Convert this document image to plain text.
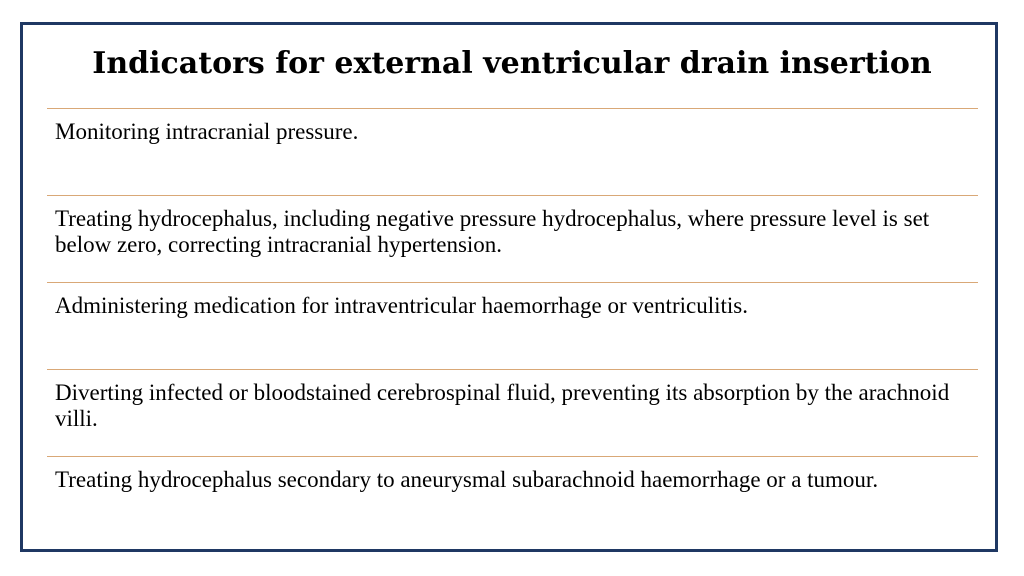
Indicators for external ventricular drain insertion
Monitoring intracranial pressure.
Treating hydrocephalus, including negative pressure hydrocephalus, where pressure level is set below zero, correcting intracranial hypertension.
Administering medication for intraventricular haemorrhage or ventriculitis.
Diverting infected or bloodstained cerebrospinal fluid, preventing its absorption by the arachnoid villi.
Treating hydrocephalus secondary to aneurysmal subarachnoid haemorrhage or a tumour.
